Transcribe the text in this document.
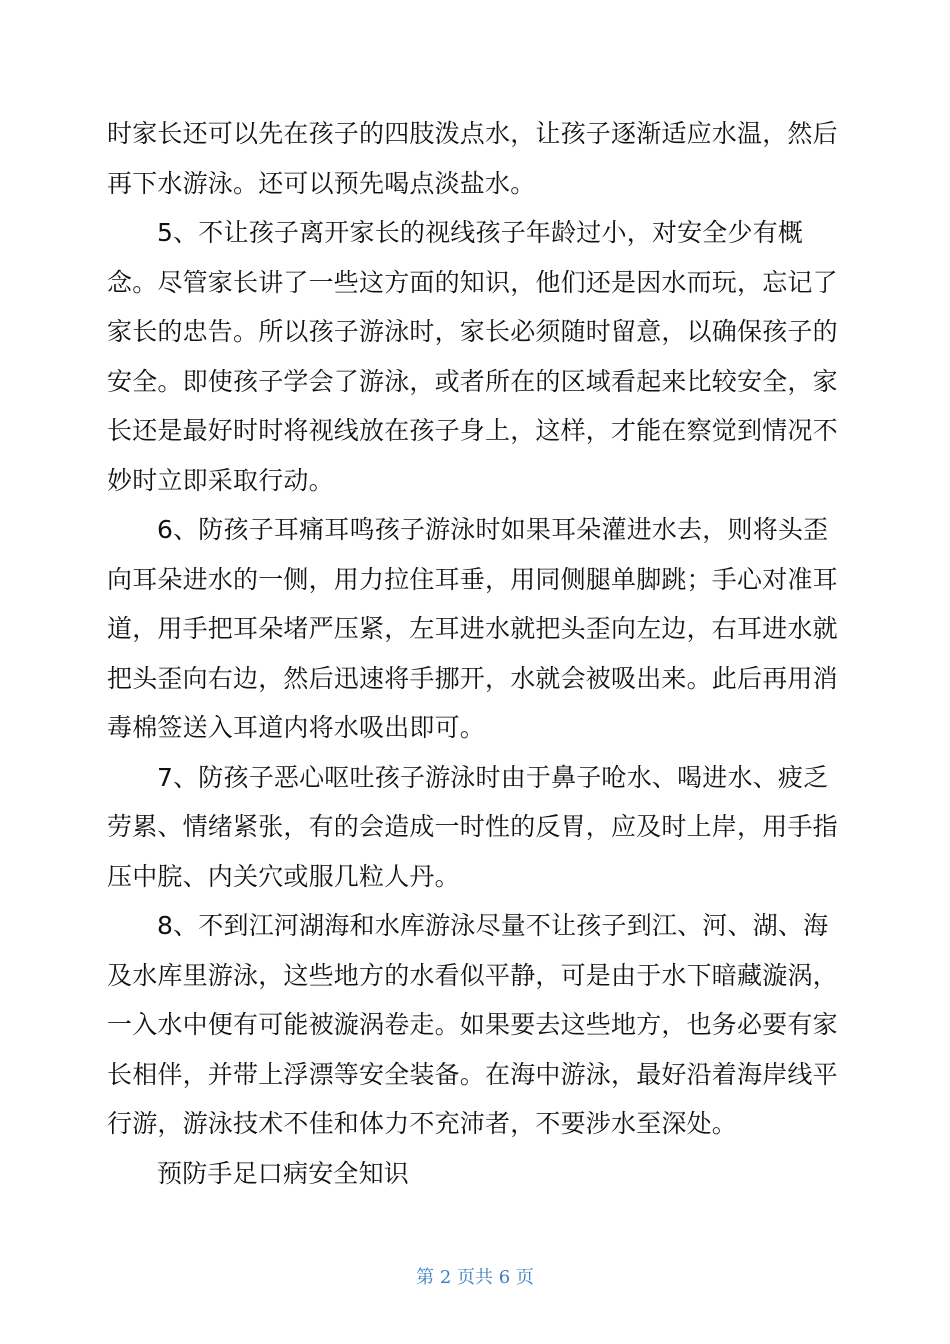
时家长还可以先在孩子的四肢泼点水，让孩子逐渐适应水温，然后再下水游泳。还可以预先喝点淡盐水。

5、不让孩子离开家长的视线孩子年龄过小，对安全少有概念。尽管家长讲了一些这方面的知识，他们还是因水而玩，忘记了家长的忠告。所以孩子游泳时，家长必须随时留意，以确保孩子的安全。即使孩子学会了游泳，或者所在的区域看起来比较安全，家长还是最好时时将视线放在孩子身上，这样，才能在察觉到情况不妙时立即采取行动。

6、防孩子耳痛耳鸣孩子游泳时如果耳朵灌进水去，则将头歪向耳朵进水的一侧，用力拉住耳垂，用同侧腿单脚跳；手心对准耳道，用手把耳朵堵严压紧，左耳进水就把头歪向左边，右耳进水就把头歪向右边，然后迅速将手挪开，水就会被吸出来。此后再用消毒棉签送入耳道内将水吸出即可。

7、防孩子恶心呕吐孩子游泳时由于鼻子呛水、喝进水、疲乏劳累、情绪紧张，有的会造成一时性的反胃，应及时上岸，用手指压中脘、内关穴或服几粒人丹。

8、不到江河湖海和水库游泳尽量不让孩子到江、河、湖、海及水库里游泳，这些地方的水看似平静，可是由于水下暗藏漩涡，一入水中便有可能被漩涡卷走。如果要去这些地方，也务必要有家长相伴，并带上浮漂等安全装备。在海中游泳，最好沿着海岸线平行游，游泳技术不佳和体力不充沛者，不要涉水至深处。

预防手足口病安全知识

第 2 页共 6 页
